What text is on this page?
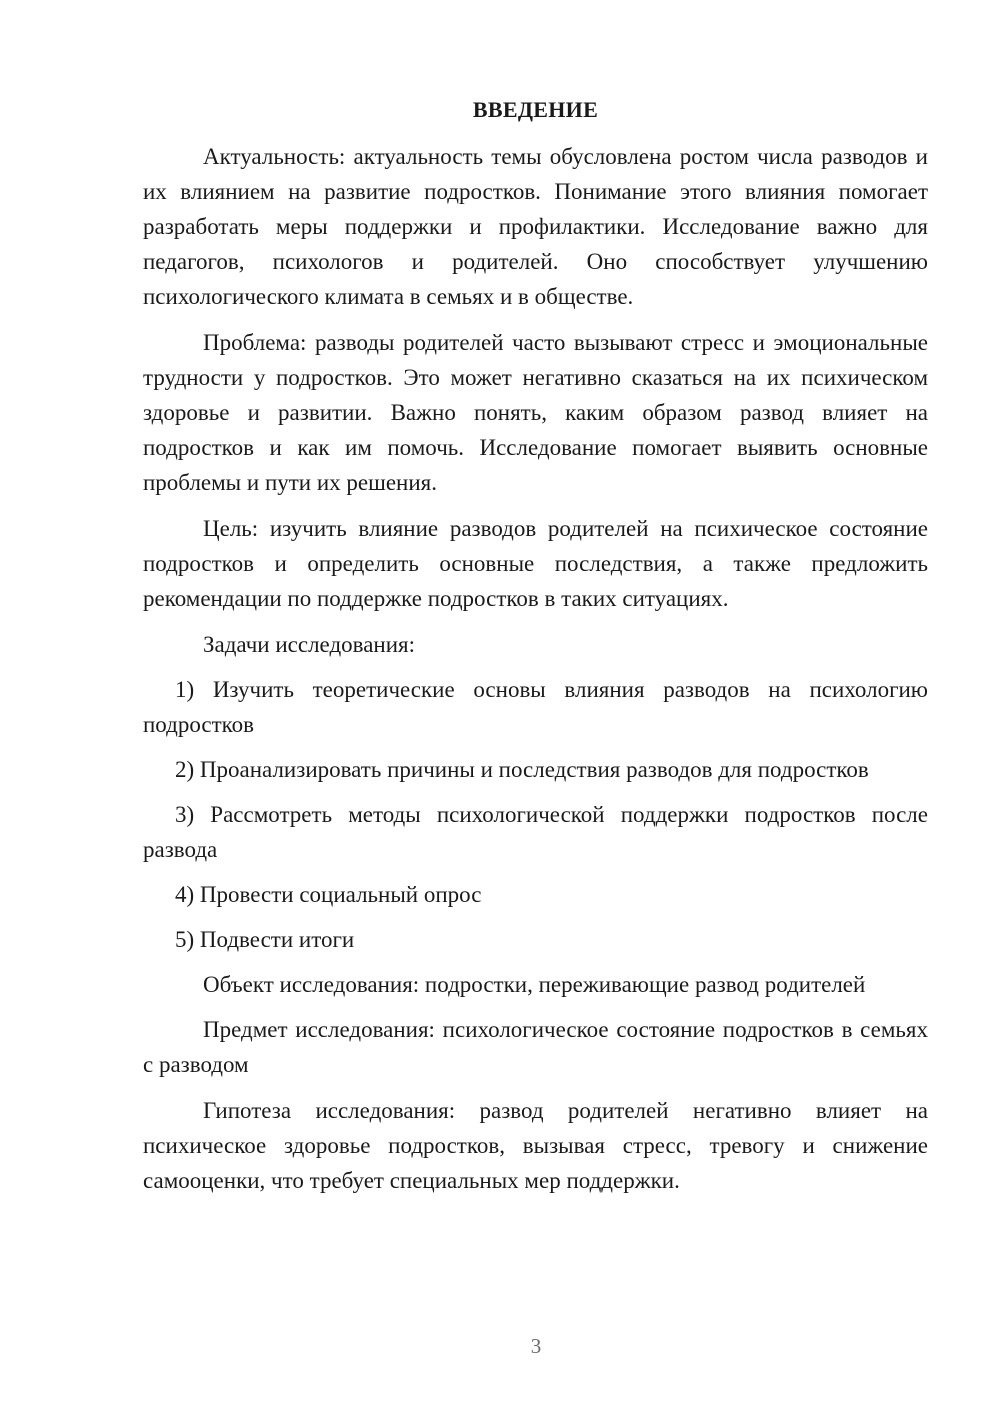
ВВЕДЕНИЕ

Актуальность: актуальность темы обусловлена ростом числа разводов и их влиянием на развитие подростков. Понимание этого влияния помогает разработать меры поддержки и профилактики. Исследование важно для педагогов, психологов и родителей. Оно способствует улучшению психологического климата в семьях и в обществе.

Проблема: разводы родителей часто вызывают стресс и эмоциональные трудности у подростков. Это может негативно сказаться на их психическом здоровье и развитии. Важно понять, каким образом развод влияет на подростков и как им помочь. Исследование помогает выявить основные проблемы и пути их решения.

Цель: изучить влияние разводов родителей на психическое состояние подростков и определить основные последствия, а также предложить рекомендации по поддержке подростков в таких ситуациях.

Задачи исследования:

1) Изучить теоретические основы влияния разводов на психологию подростков

2) Проанализировать причины и последствия разводов для подростков

3) Рассмотреть методы психологической поддержки подростков после развода

4) Провести социальный опрос

5) Подвести итоги

Объект исследования: подростки, переживающие развод родителей

Предмет исследования: психологическое состояние подростков в семьях с разводом

Гипотеза исследования: развод родителей негативно влияет на психическое здоровье подростков, вызывая стресс, тревогу и снижение самооценки, что требует специальных мер поддержки.

3
